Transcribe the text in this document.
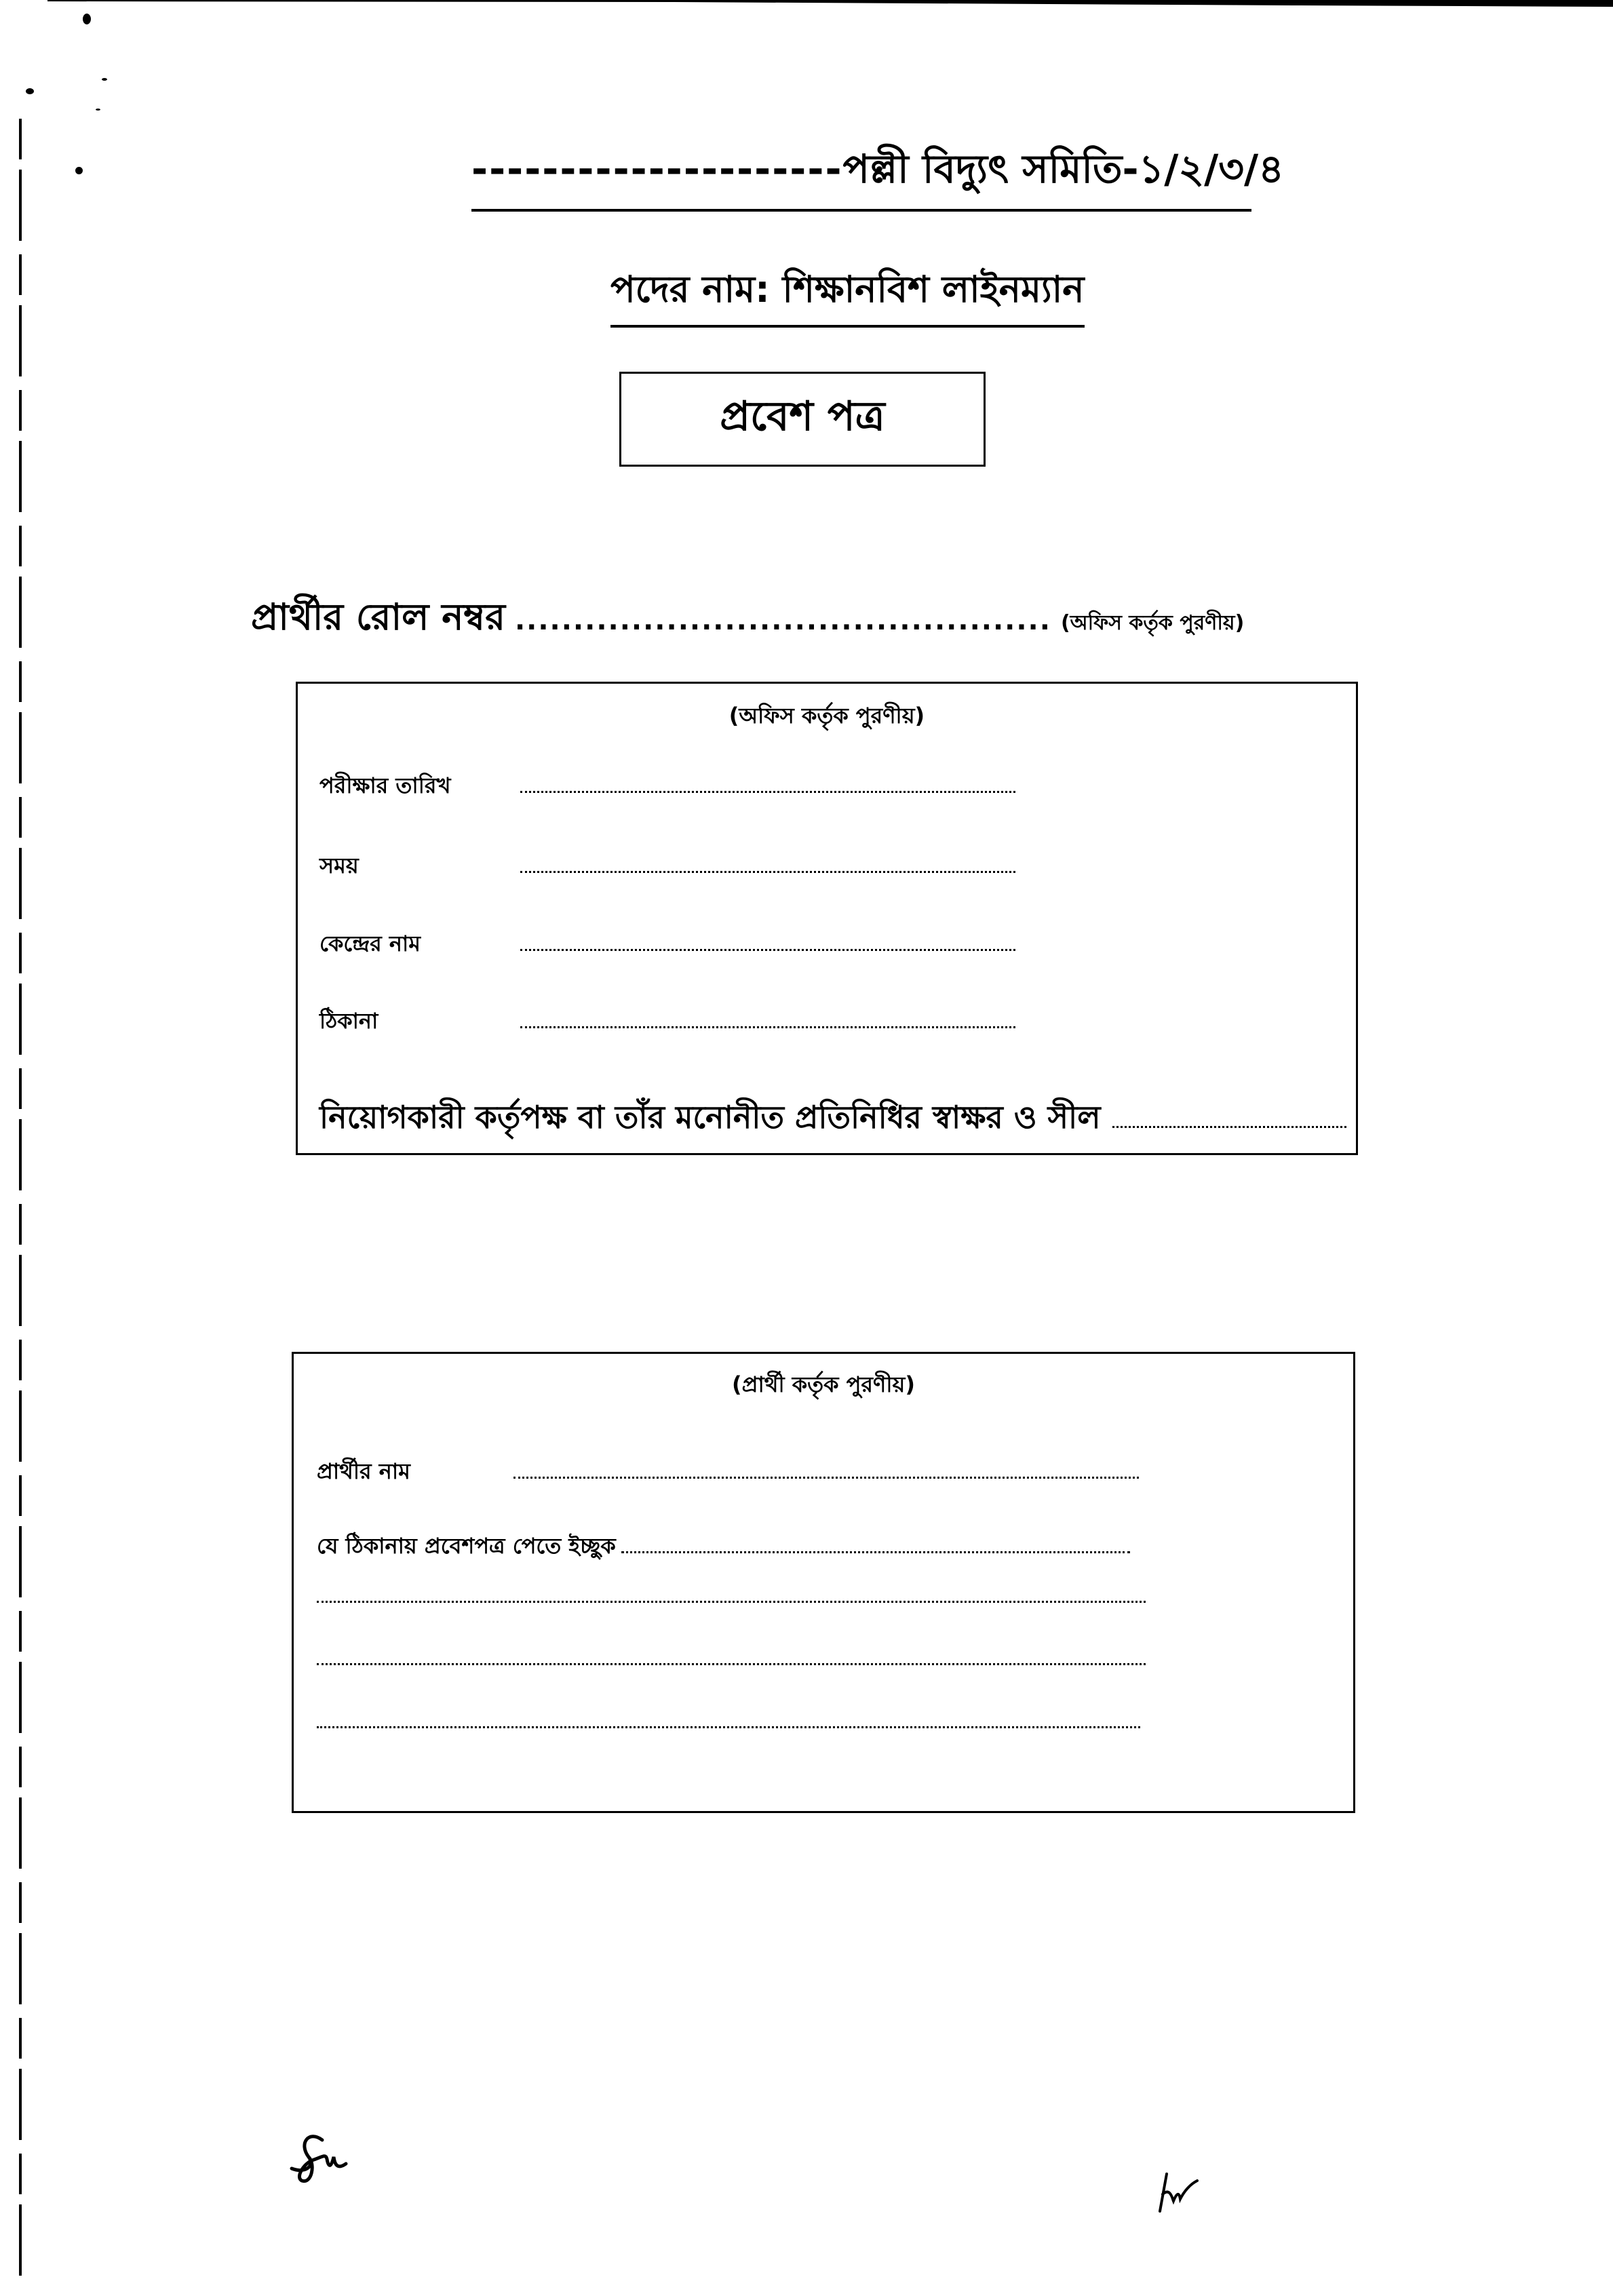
---------------------পল্লী বিদ্যুৎ সমিতি-১/২/৩/৪
পদের নাম: শিক্ষানবিশ লাইনম্যান
প্রবেশ পত্র
প্রার্থীর রোল নম্বর .............................................. (অফিস কর্তৃক পুরণীয়)
(অফিস কর্তৃক পুরণীয়)
পরীক্ষার তারিখ
সময়
কেন্দ্রের নাম
ঠিকানা
নিয়োগকারী কর্তৃপক্ষ বা তাঁর মনোনীত প্রতিনিধির স্বাক্ষর ও সীল
(প্রার্থী কর্তৃক পুরণীয়)
প্রার্থীর নাম
যে ঠিকানায় প্রবেশপত্র পেতে ইচ্ছুক
